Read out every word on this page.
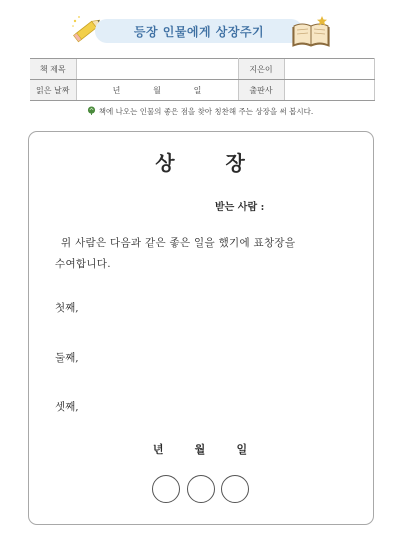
등장 인물에게 상장주기
책 제목		지은이	
읽은 날짜	년 월 일	출판사	
책에 나오는 인물의 좋은 점을 찾아 칭찬해 주는 상장을 써 봅시다.
상 장
받는 사람 :
위 사람은 다음과 같은 좋은 일을 했기에 표창장을
수여합니다.
첫째,
둘째,
셋째,
년	월	일
